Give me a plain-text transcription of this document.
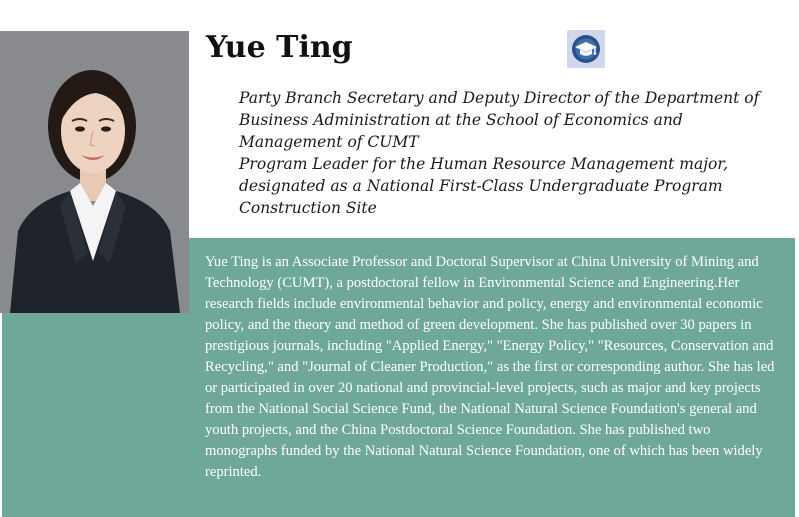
Yue Ting

Party Branch Secretary and Deputy Director of the Department of Business Administration at the School of Economics and Management of CUMT

Program Leader for the Human Resource Management major, designated as a National First-Class Undergraduate Program Construction Site

Yue Ting is an Associate Professor and Doctoral Supervisor at China University of Mining and Technology (CUMT), a postdoctoral fellow in Environmental Science and Engineering.Her research fields include environmental behavior and policy, energy and environmental economic policy, and the theory and method of green development. She has published over 30 papers in prestigious journals, including "Applied Energy," "Energy Policy," "Resources, Conservation and Recycling," and "Journal of Cleaner Production," as the first or corresponding author. She has led or participated in over 20 national and provincial-level projects, such as major and key projects from the National Social Science Fund, the National Natural Science Foundation's general and youth projects, and the China Postdoctoral Science Foundation. She has published two monographs funded by the National Natural Science Foundation, one of which has been widely reprinted.
